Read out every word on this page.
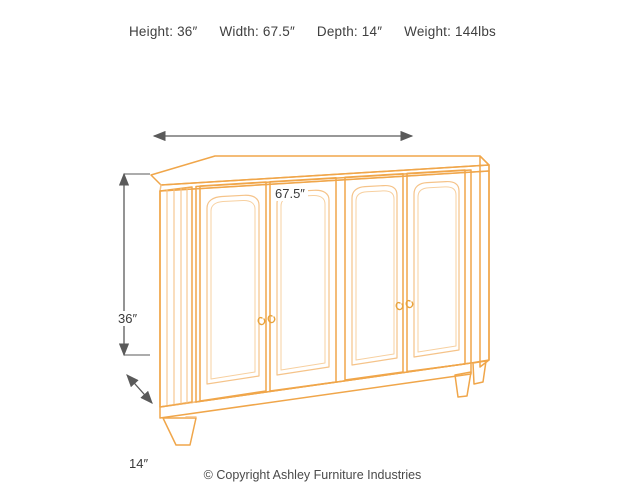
Height: 36″ Width: 67.5″ Depth: 14″ Weight: 144lbs
67.5″
36″
14″
© Copyright Ashley Furniture Industries
